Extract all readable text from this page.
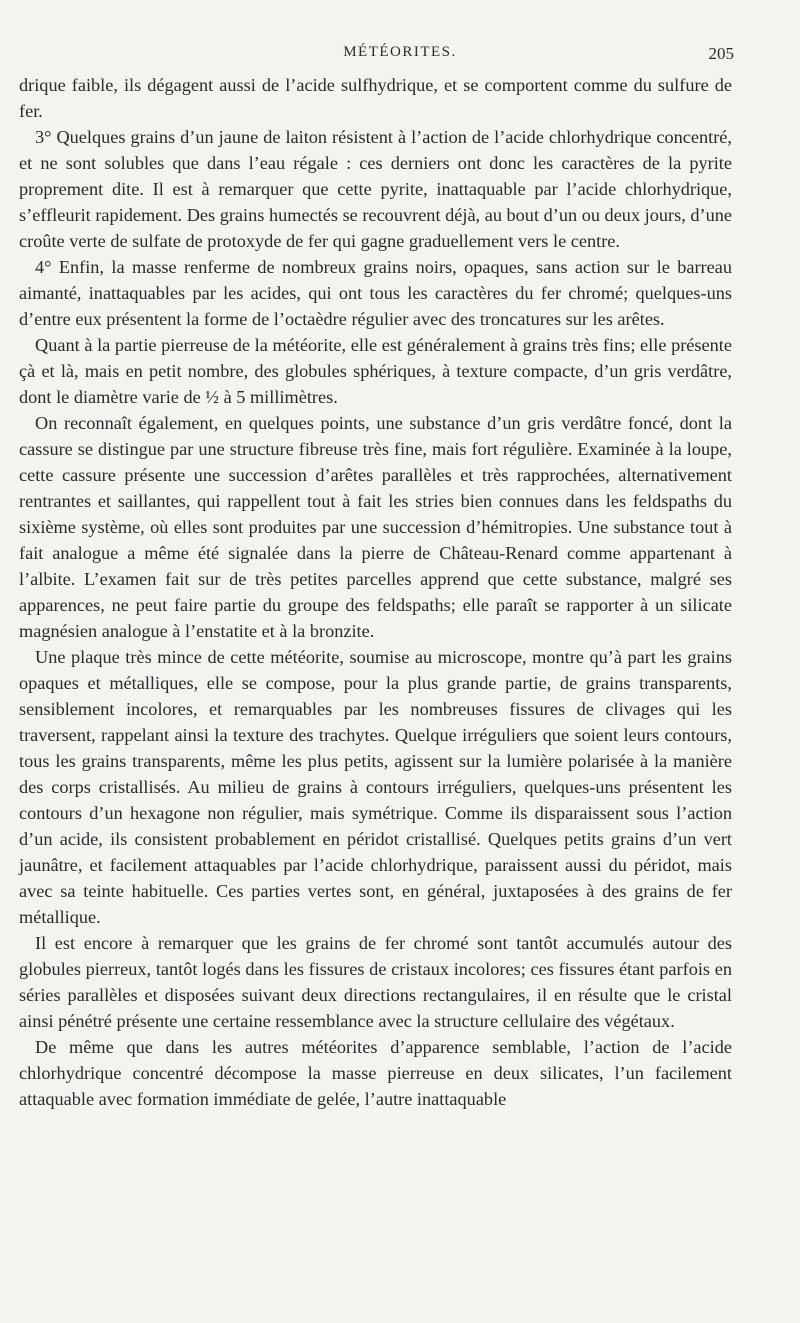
MÉTÉORITES.	205

drique faible, ils dégagent aussi de l’acide sulfhydrique, et se comportent comme du sulfure de fer.

3° Quelques grains d’un jaune de laiton résistent à l’action de l’acide chlorhydrique concentré, et ne sont solubles que dans l’eau régale : ces derniers ont donc les caractères de la pyrite proprement dite. Il est à remarquer que cette pyrite, inattaquable par l’acide chlorhydrique, s’effleurit rapidement. Des grains humectés se recouvrent déjà, au bout d’un ou deux jours, d’une croûte verte de sulfate de protoxyde de fer qui gagne graduellement vers le centre.

4° Enfin, la masse renferme de nombreux grains noirs, opaques, sans action sur le barreau aimanté, inattaquables par les acides, qui ont tous les caractères du fer chromé; quelques-uns d’entre eux présentent la forme de l’octaèdre régulier avec des troncatures sur les arêtes.

Quant à la partie pierreuse de la météorite, elle est généralement à grains très fins; elle présente çà et là, mais en petit nombre, des globules sphériques, à texture compacte, d’un gris verdâtre, dont le diamètre varie de ½ à 5 millimètres.

On reconnaît également, en quelques points, une substance d’un gris verdâtre foncé, dont la cassure se distingue par une structure fibreuse très fine, mais fort régulière. Examinée à la loupe, cette cassure présente une succession d’arêtes parallèles et très rapprochées, alternativement rentrantes et saillantes, qui rappellent tout à fait les stries bien connues dans les feldspaths du sixième système, où elles sont produites par une succession d’hémitropies. Une substance tout à fait analogue a même été signalée dans la pierre de Château-Renard comme appartenant à l’albite. L’examen fait sur de très petites parcelles apprend que cette substance, malgré ses apparences, ne peut faire partie du groupe des feldspaths; elle paraît se rapporter à un silicate magnésien analogue à l’enstatite et à la bronzite.

Une plaque très mince de cette météorite, soumise au microscope, montre qu’à part les grains opaques et métalliques, elle se compose, pour la plus grande partie, de grains transparents, sensiblement incolores, et remarquables par les nombreuses fissures de clivages qui les traversent, rappelant ainsi la texture des trachytes. Quelque irréguliers que soient leurs contours, tous les grains transparents, même les plus petits, agissent sur la lumière polarisée à la manière des corps cristallisés. Au milieu de grains à contours irréguliers, quelques-uns présentent les contours d’un hexagone non régulier, mais symétrique. Comme ils disparaissent sous l’action d’un acide, ils consistent probablement en péridot cristallisé. Quelques petits grains d’un vert jaunâtre, et facilement attaquables par l’acide chlorhydrique, paraissent aussi du péridot, mais avec sa teinte habituelle. Ces parties vertes sont, en général, juxtaposées à des grains de fer métallique.

Il est encore à remarquer que les grains de fer chromé sont tantôt accumulés autour des globules pierreux, tantôt logés dans les fissures de cristaux incolores; ces fissures étant parfois en séries parallèles et disposées suivant deux directions rectangulaires, il en résulte que le cristal ainsi pénétré présente une certaine ressemblance avec la structure cellulaire des végétaux.

De même que dans les autres météorites d’apparence semblable, l’action de l’acide chlorhydrique concentré décompose la masse pierreuse en deux silicates, l’un facilement attaquable avec formation immédiate de gelée, l’autre inattaquable
